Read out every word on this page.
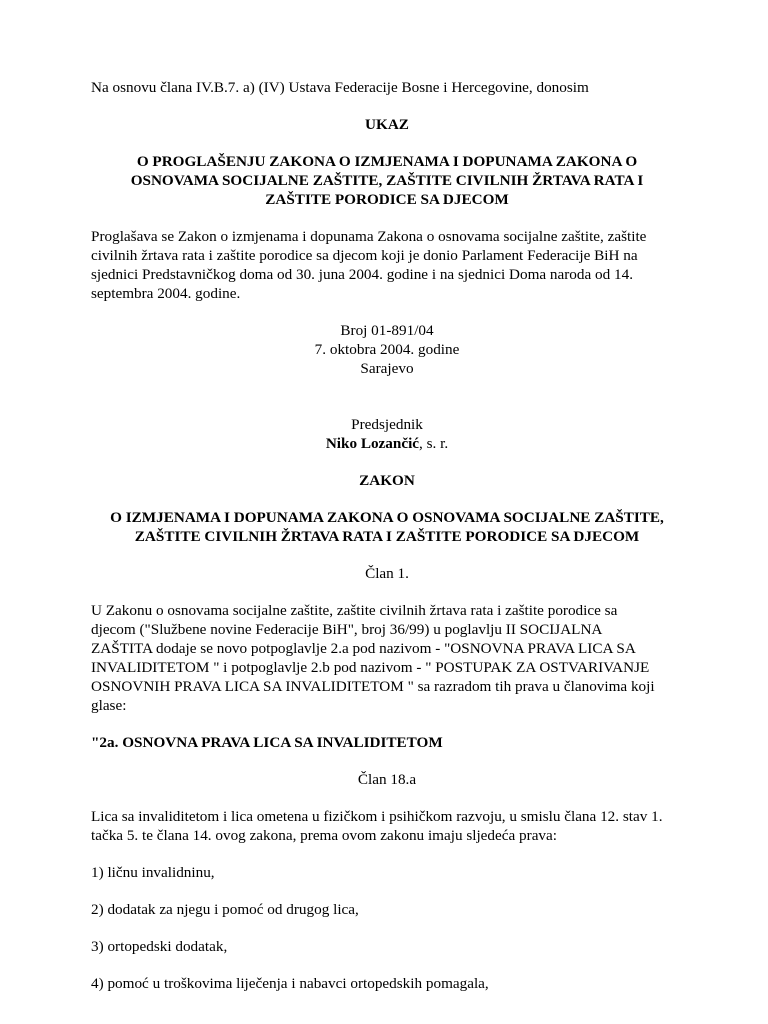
Na osnovu člana IV.B.7. a) (IV) Ustava Federacije Bosne i Hercegovine, donosim

UKAZ

O PROGLAŠENJU ZAKONA O IZMJENAMA I DOPUNAMA ZAKONA O
OSNOVAMA SOCIJALNE ZAŠTITE, ZAŠTITE CIVILNIH ŽRTAVA RATA I
ZAŠTITE PORODICE SA DJECOM
Proglašava se Zakon o izmjenama i dopunama Zakona o osnovama socijalne zaštite, zaštite
civilnih žrtava rata i zaštite porodice sa djecom koji je donio Parlament Federacije BiH na
sjednici Predstavničkog doma od 30. juna 2004. godine i na sjednici Doma naroda od 14.
septembra 2004. godine.
Broj 01-891/04
7. oktobra 2004. godine
Sarajevo
Predsjednik
Niko Lozančić, s. r.

ZAKON

O IZMJENAMA I DOPUNAMA ZAKONA O OSNOVAMA SOCIJALNE ZAŠTITE,
ZAŠTITE CIVILNIH ŽRTAVA RATA I ZAŠTITE PORODICE SA DJECOM

Član 1.

U Zakonu o osnovama socijalne zaštite, zaštite civilnih žrtava rata i zaštite porodice sa
djecom ("Službene novine Federacije BiH", broj 36/99) u poglavlju II SOCIJALNA
ZAŠTITA dodaje se novo potpoglavlje 2.a pod nazivom - "OSNOVNA PRAVA LICA SA
INVALIDITETOM " i potpoglavlje 2.b pod nazivom - " POSTUPAK ZA OSTVARIVANJE
OSNOVNIH PRAVA LICA SA INVALIDITETOM " sa razradom tih prava u članovima koji
glase:

"2a. OSNOVNA PRAVA LICA SA INVALIDITETOM

Član 18.a

Lica sa invaliditetom i lica ometena u fizičkom i psihičkom razvoju, u smislu člana 12. stav 1.
tačka 5. te člana 14. ovog zakona, prema ovom zakonu imaju sljedeća prava:

1) ličnu invalidninu,

2) dodatak za njegu i pomoć od drugog lica,

3) ortopedski dodatak,

4) pomoć u troškovima liječenja i nabavci ortopedskih pomagala,
